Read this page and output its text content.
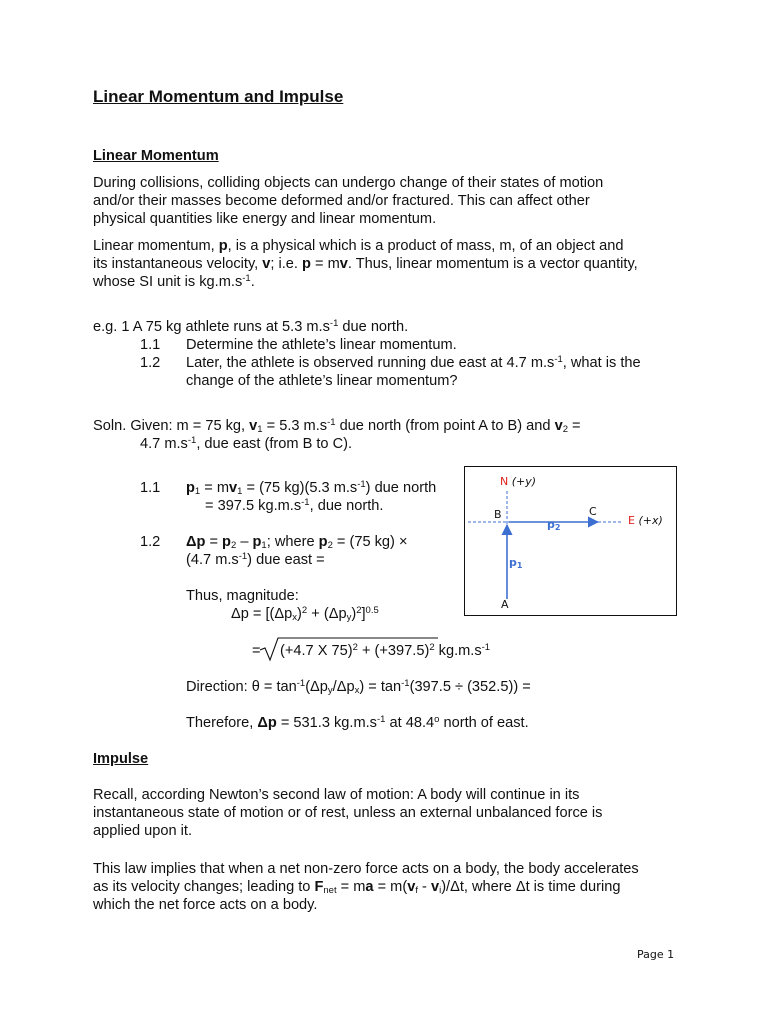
Linear Momentum and Impulse
Linear Momentum
During collisions, colliding objects can undergo change of their states of motion
and/or their masses become deformed and/or fractured. This can affect other
physical quantities like energy and linear momentum.
Linear momentum, p, is a physical which is a product of mass, m, of an object and
its instantaneous velocity, v; i.e. p = mv. Thus, linear momentum is a vector quantity,
whose SI unit is $kg.m.s^{-1}$.
e.g. 1 A 75 kg athlete runs at 5.3 $m.s^{-1}$ due north.
1.1 Determine the athlete’s linear momentum.
1.2 Later, the athlete is observed running due east at 4.7 $m.s^{-1}$, what is the
change of the athlete’s linear momentum?
Soln. Given: m = 75 kg, $v_1 = 5.3$ $m.s^{-1}$ due north (from point A to B) and $v_2$ =
4.7 $m.s^{-1}$, due east (from B to C).
1.1 $p_1 = mv_1 = (75$ kg)(5.3 $m.s^{-1}$) due north
= 397.5 $kg.m.s^{-1}$, due north.
1.2 $\Delta p = p_2 - p_1$; where $p_2 = (75$ kg) ×
(4.7 $m.s^{-1}$) due east =
Thus, magnitude:
$\Delta p = [(\Delta p_x)^2 + (\Delta p_y)^2]^{0.5}$
= (+4.7 X $75)^2 + (+397.5)^2$ $kg.m.s^{-1}$
Direction: $\theta = \tan^{-1}(\Delta p_y/\Delta p_x) = \tan^{-1}(397.5 \div (352.5))$ =
Therefore, Δp = 531.3 $kg.m.s^{-1}$ at 48.4$^o$ north of east.
N (+y)
E (+x)
B	C
A
$p_2$
$p_1$
Impulse
Recall, according Newton’s second law of motion: A body will continue in its
instantaneous state of motion or of rest, unless an external unbalanced force is
applied upon it.
This law implies that when a net non-zero force acts on a body, the body accelerates
as its velocity changes; leading to $F_{net}$ = ma = $m(v_f - v_i)/\Delta t$, where Δt is time during
which the net force acts on a body.
Page 1
